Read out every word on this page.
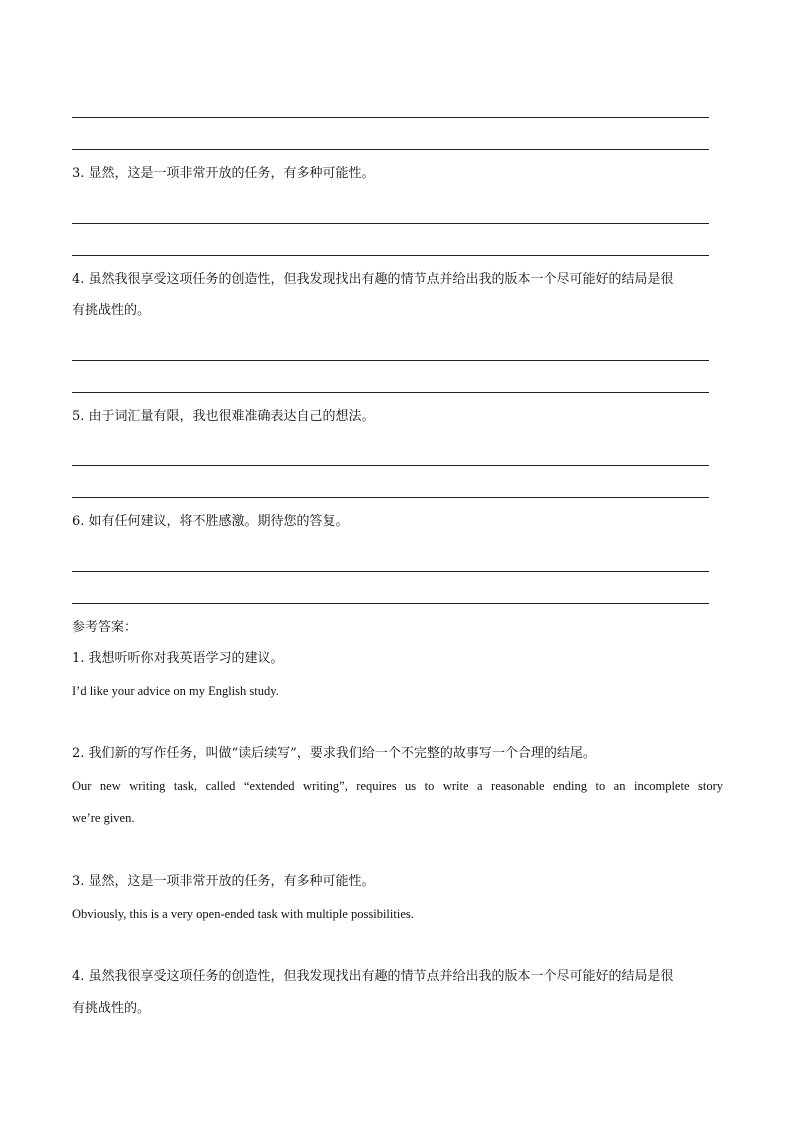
3. 显然，这是一项非常开放的任务，有多种可能性。
4. 虽然我很享受这项任务的创造性，但我发现找出有趣的情节点并给出我的版本一个尽可能好的结局是很
有挑战性的。
5. 由于词汇量有限，我也很难准确表达自己的想法。
6. 如有任何建议，将不胜感激。期待您的答复。
参考答案：
1. 我想听听你对我英语学习的建议。
I’d like your advice on my English study.
2. 我们新的写作任务，叫做“读后续写”，要求我们给一个不完整的故事写一个合理的结尾。
Our new writing task, called “extended writing”, requires us to write a reasonable ending to an incomplete story
we’re given.
3. 显然，这是一项非常开放的任务，有多种可能性。
Obviously, this is a very open-ended task with multiple possibilities.
4. 虽然我很享受这项任务的创造性，但我发现找出有趣的情节点并给出我的版本一个尽可能好的结局是很
有挑战性的。
